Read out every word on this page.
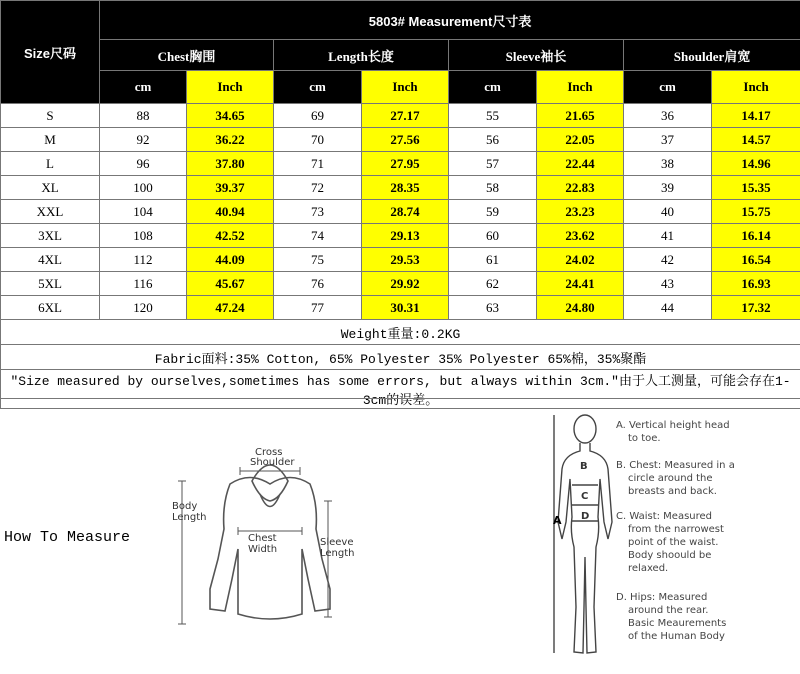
Size尺码	5803# Measurement尺寸表							
	Chest胸围		Length长度		Sleeve袖长		Shoulder肩宽	
	cm	Inch	cm	Inch	cm	Inch	cm	Inch
S	88	34.65	69	27.17	55	21.65	36	14.17
M	92	36.22	70	27.56	56	22.05	37	14.57
L	96	37.80	71	27.95	57	22.44	38	14.96
XL	100	39.37	72	28.35	58	22.83	39	15.35
XXL	104	40.94	73	28.74	59	23.23	40	15.75
3XL	108	42.52	74	29.13	60	23.62	41	16.14
4XL	112	44.09	75	29.53	61	24.02	42	16.54
5XL	116	45.67	76	29.92	62	24.41	43	16.93
6XL	120	47.24	77	30.31	63	24.80	44	17.32
Weight重量:0.2KG								
Fabric面料:35% Cotton, 65% Polyester 35% Polyester 65%棉，35%聚酯								
"Size measured by ourselves,sometimes has some errors, but always within 3cm."由于人工测量，可能会存在1-3cm的误差。								
How To Measure
Cross
Shoulder
Body
Length
Chest
Width
Sleeve
Length
B
C
D
A
A. Vertical height head
to toe.
B. Chest: Measured in a
circle around the
breasts and back.
C. Waist: Measured
from the narrowest
point of the waist.
Body shoould be
relaxed.
D. Hips: Measured
around the rear.
Basic Meaurements
of the Human Body
